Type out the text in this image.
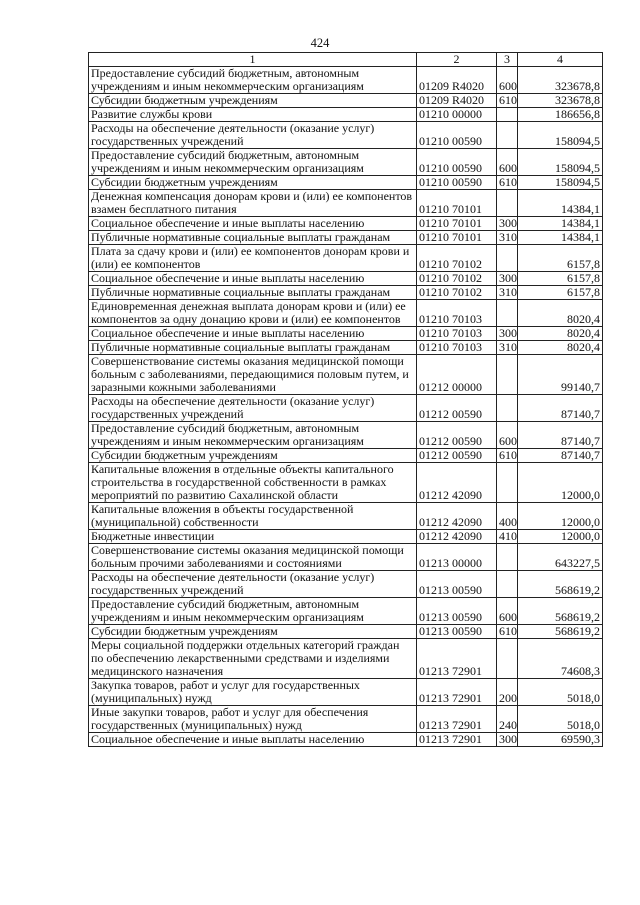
424
1	2	3	4
Предоставление субсидий бюджетным, автономным учреждениям и иным некоммерческим организациям	01209 R4020	600	323678,8
Субсидии бюджетным учреждениям	01209 R4020	610	323678,8
Развитие службы крови	01210 00000		186656,8
Расходы на обеспечение деятельности (оказание услуг) государственных учреждений	01210 00590		158094,5
Предоставление субсидий бюджетным, автономным учреждениям и иным некоммерческим организациям	01210 00590	600	158094,5
Субсидии бюджетным учреждениям	01210 00590	610	158094,5
Денежная компенсация донорам крови и (или) ее компонентов взамен бесплатного питания	01210 70101		14384,1
Социальное обеспечение и иные выплаты населению	01210 70101	300	14384,1
Публичные нормативные социальные выплаты гражданам	01210 70101	310	14384,1
Плата за сдачу крови и (или) ее компонентов донорам крови и (или) ее компонентов	01210 70102		6157,8
Социальное обеспечение и иные выплаты населению	01210 70102	300	6157,8
Публичные нормативные социальные выплаты гражданам	01210 70102	310	6157,8
Единовременная денежная выплата донорам крови и (или) ее компонентов за одну донацию крови и (или) ее компонентов	01210 70103		8020,4
Социальное обеспечение и иные выплаты населению	01210 70103	300	8020,4
Публичные нормативные социальные выплаты гражданам	01210 70103	310	8020,4
Совершенствование системы оказания медицинской помощи больным с заболеваниями, передающимися половым путем, и заразными кожными заболеваниями	01212 00000		99140,7
Расходы на обеспечение деятельности (оказание услуг) государственных учреждений	01212 00590		87140,7
Предоставление субсидий бюджетным, автономным учреждениям и иным некоммерческим организациям	01212 00590	600	87140,7
Субсидии бюджетным учреждениям	01212 00590	610	87140,7
Капитальные вложения в отдельные объекты капитального строительства в государственной собственности в рамках мероприятий по развитию Сахалинской области	01212 42090		12000,0
Капитальные вложения в объекты государственной (муниципальной) собственности	01212 42090	400	12000,0
Бюджетные инвестиции	01212 42090	410	12000,0
Совершенствование системы оказания медицинской помощи больным прочими заболеваниями и состояниями	01213 00000		643227,5
Расходы на обеспечение деятельности (оказание услуг) государственных учреждений	01213 00590		568619,2
Предоставление субсидий бюджетным, автономным учреждениям и иным некоммерческим организациям	01213 00590	600	568619,2
Субсидии бюджетным учреждениям	01213 00590	610	568619,2
Меры социальной поддержки отдельных категорий граждан по обеспечению лекарственными средствами и изделиями медицинского назначения	01213 72901		74608,3
Закупка товаров, работ и услуг для государственных (муниципальных) нужд	01213 72901	200	5018,0
Иные закупки товаров, работ и услуг для обеспечения государственных (муниципальных) нужд	01213 72901	240	5018,0
Социальное обеспечение и иные выплаты населению	01213 72901	300	69590,3
